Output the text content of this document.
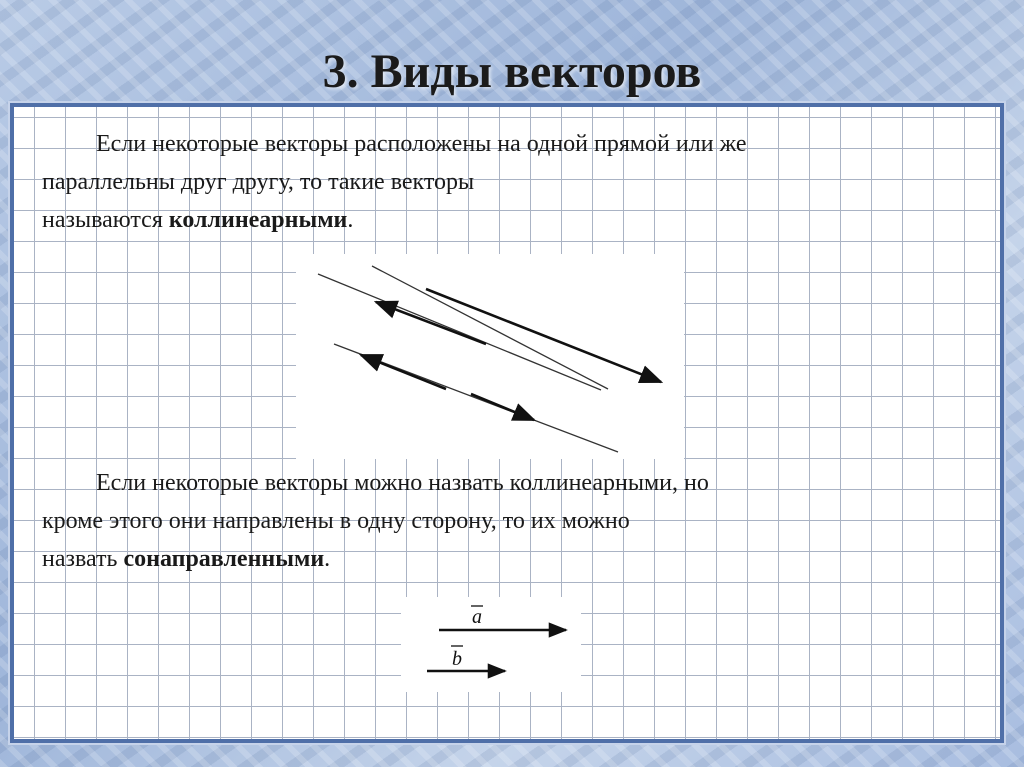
3. Виды векторов

Если некоторые векторы расположены на одной прямой или же
параллельны друг другу, то такие векторы
называются коллинеарными.

Если некоторые векторы можно назвать коллинеарными, но
кроме этого они направлены в одну сторону, то их можно
назвать сонаправленными.

a
b
